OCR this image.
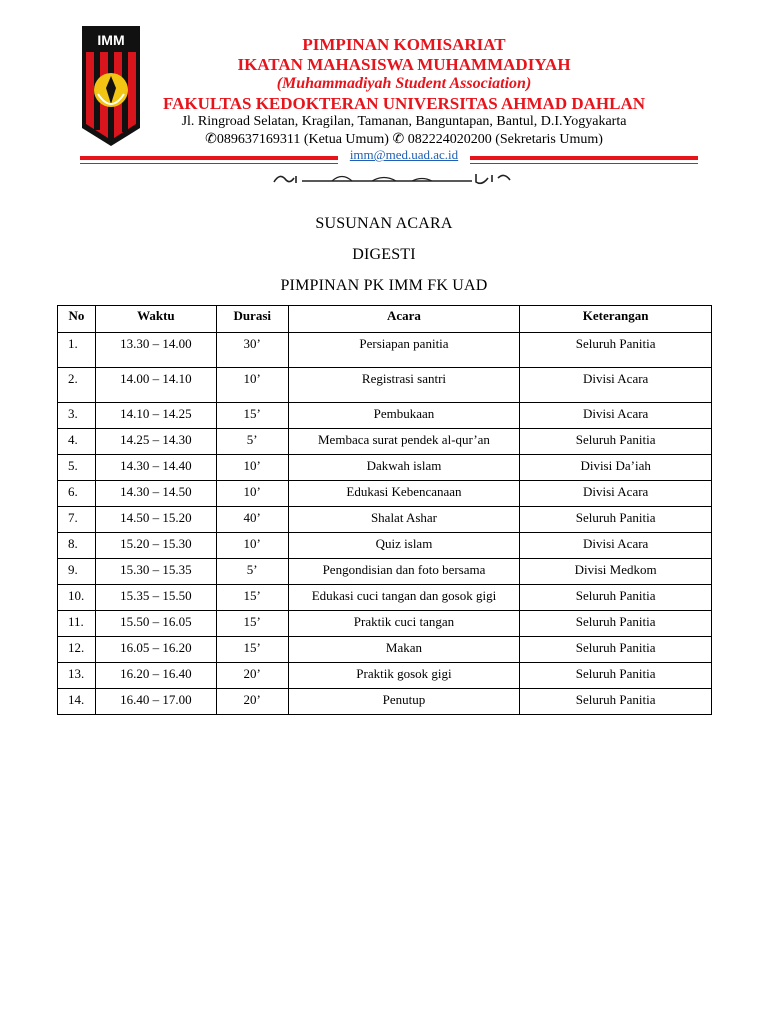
IMM	PIMPINAN KOMISARIAT
IKATAN MAHASISWA MUHAMMADIYAH
(Muhammadiyah Student Association)
FAKULTAS KEDOKTERAN UNIVERSITAS AHMAD DAHLAN
Jl. Ringroad Selatan, Kragilan, Tamanan, Banguntapan, Bantul, D.I.Yogyakarta
✆089637169311 (Ketua Umum) ✆ 082224020200 (Sekretaris Umum)
imm@med.uad.ac.id
SUSUNAN ACARA
DIGESTI
PIMPINAN PK IMM FK UAD
No	Waktu	Durasi	Acara	Keterangan
1.	13.30 – 14.00	30’	Persiapan panitia	Seluruh Panitia
2.	14.00 – 14.10	10’	Registrasi santri	Divisi Acara
3.	14.10 – 14.25	15’	Pembukaan	Divisi Acara
4.	14.25 – 14.30	5’	Membaca surat pendek al-qur’an	Seluruh Panitia
5.	14.30 – 14.40	10’	Dakwah islam	Divisi Da’iah
6.	14.30 – 14.50	10’	Edukasi Kebencanaan	Divisi Acara
7.	14.50 – 15.20	40’	Shalat Ashar	Seluruh Panitia
8.	15.20 – 15.30	10’	Quiz islam	Divisi Acara
9.	15.30 – 15.35	5’	Pengondisian dan foto bersama	Divisi Medkom
10.	15.35 – 15.50	15’	Edukasi cuci tangan dan gosok gigi	Seluruh Panitia
11.	15.50 – 16.05	15’	Praktik cuci tangan	Seluruh Panitia
12.	16.05 – 16.20	15’	Makan	Seluruh Panitia
13.	16.20 – 16.40	20’	Praktik gosok gigi	Seluruh Panitia
14.	16.40 – 17.00	20’	Penutup	Seluruh Panitia
